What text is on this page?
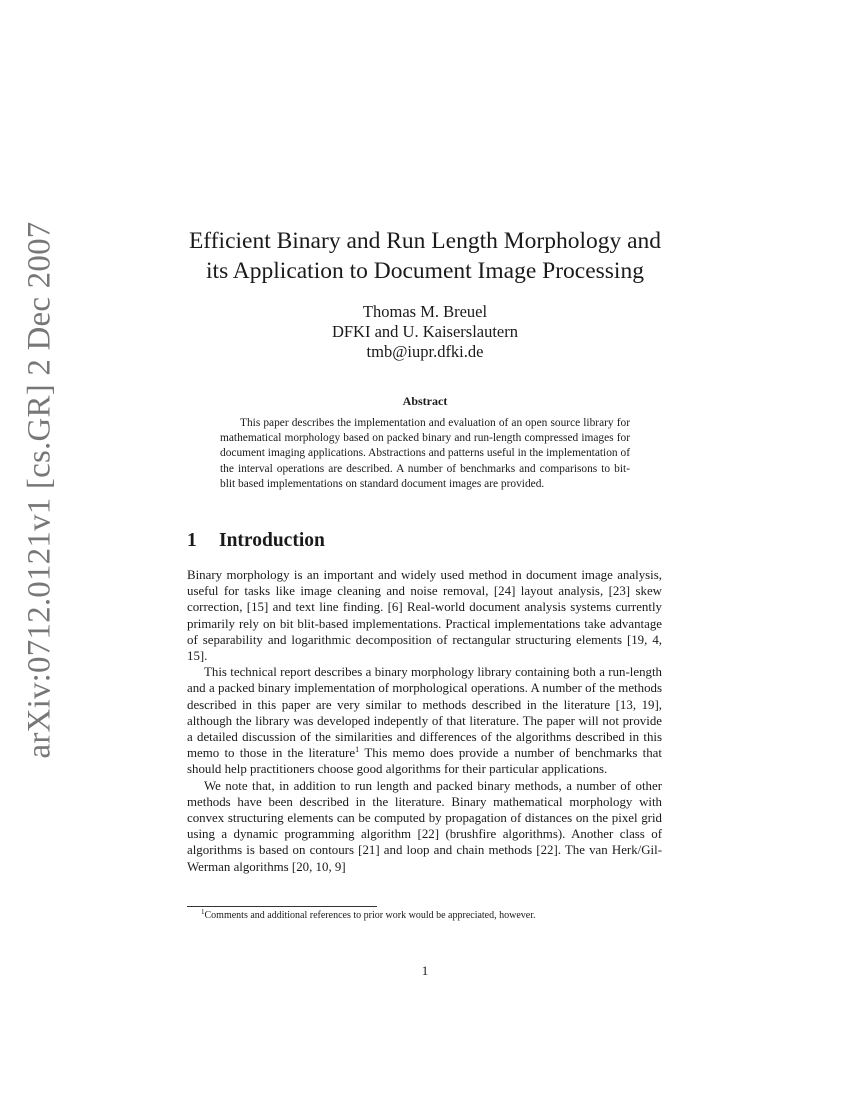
arXiv:0712.0121v1 [cs.GR] 2 Dec 2007	Efficient Binary and Run Length Morphology and
its Application to Document Image Processing
Thomas M. Breuel
DFKI and U. Kaiserslautern
tmb@iupr.dfki.de
Abstract

This paper describes the implementation and evaluation of an open source library for mathematical morphology based on packed binary and run-length compressed images for document imaging applications. Abstractions and patterns useful in the implementation of the interval operations are described. A number of benchmarks and comparisons to bit-blit based implementations on standard document images are provided.

1 Introduction

Binary morphology is an important and widely used method in document image analysis, useful for tasks like image cleaning and noise removal, [24] layout analysis, [23] skew correction, [15] and text line finding. [6] Real-world document analysis systems currently primarily rely on bit blit-based implementations. Practical implementations take advantage of separability and logarithmic decomposition of rectangular structuring elements [19, 4, 15].

This technical report describes a binary morphology library containing both a run-length and a packed binary implementation of morphological operations. A number of the methods described in this paper are very similar to methods described in the literature [13, 19], although the library was developed indepently of that literature. The paper will not provide a detailed discussion of the similarities and differences of the algorithms described in this memo to those in the literature$^1$ This memo does provide a number of benchmarks that should help practitioners choose good algorithms for their particular applications.

We note that, in addition to run length and packed binary methods, a number of other methods have been described in the literature. Binary mathematical morphology with convex structuring elements can be computed by propagation of distances on the pixel grid using a dynamic programming algorithm [22] (brushfire algorithms). Another class of algorithms is based on contours [21] and loop and chain methods [22]. The van Herk/Gil-Werman algorithms [20, 10, 9]

$^1$Comments and additional references to prior work would be appreciated, however.
1
